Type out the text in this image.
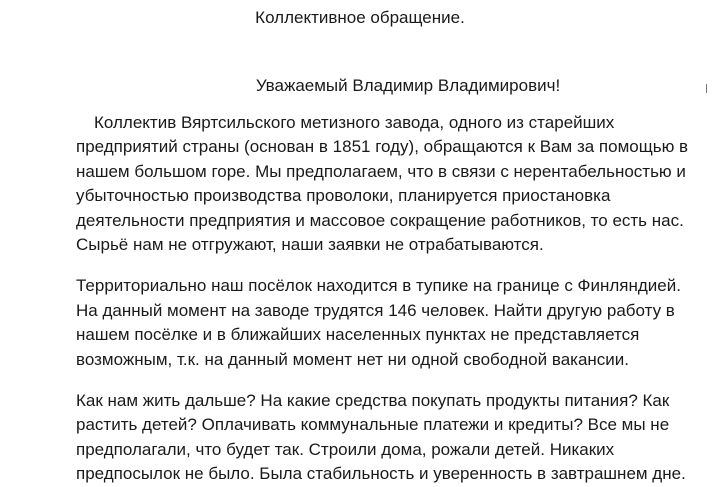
Коллективное обращение.

Уважаемый Владимир Владимирович!

Коллектив Вяртсильского метизного завода, одного из старейших
предприятий страны (основан в 1851 году), обращаются к Вам за помощью в
нашем большом горе. Мы предполагаем, что в связи с нерентабельностью и
убыточностью производства проволоки, планируется приостановка
деятельности предприятия и массовое сокращение работников, то есть нас.
Сырьё нам не отгружают, наши заявки не отрабатываются.

Территориально наш посёлок находится в тупике на границе с Финляндией.
На данный момент на заводе трудятся 146 человек. Найти другую работу в
нашем посёлке и в ближайших населенных пунктах не представляется
возможным, т.к. на данный момент нет ни одной свободной вакансии.

Как нам жить дальше? На какие средства покупать продукты питания? Как
растить детей? Оплачивать коммунальные платежи и кредиты? Все мы не
предполагали, что будет так. Строили дома, рожали детей. Никаких
предпосылок не было. Была стабильность и уверенность в завтрашнем дне.
